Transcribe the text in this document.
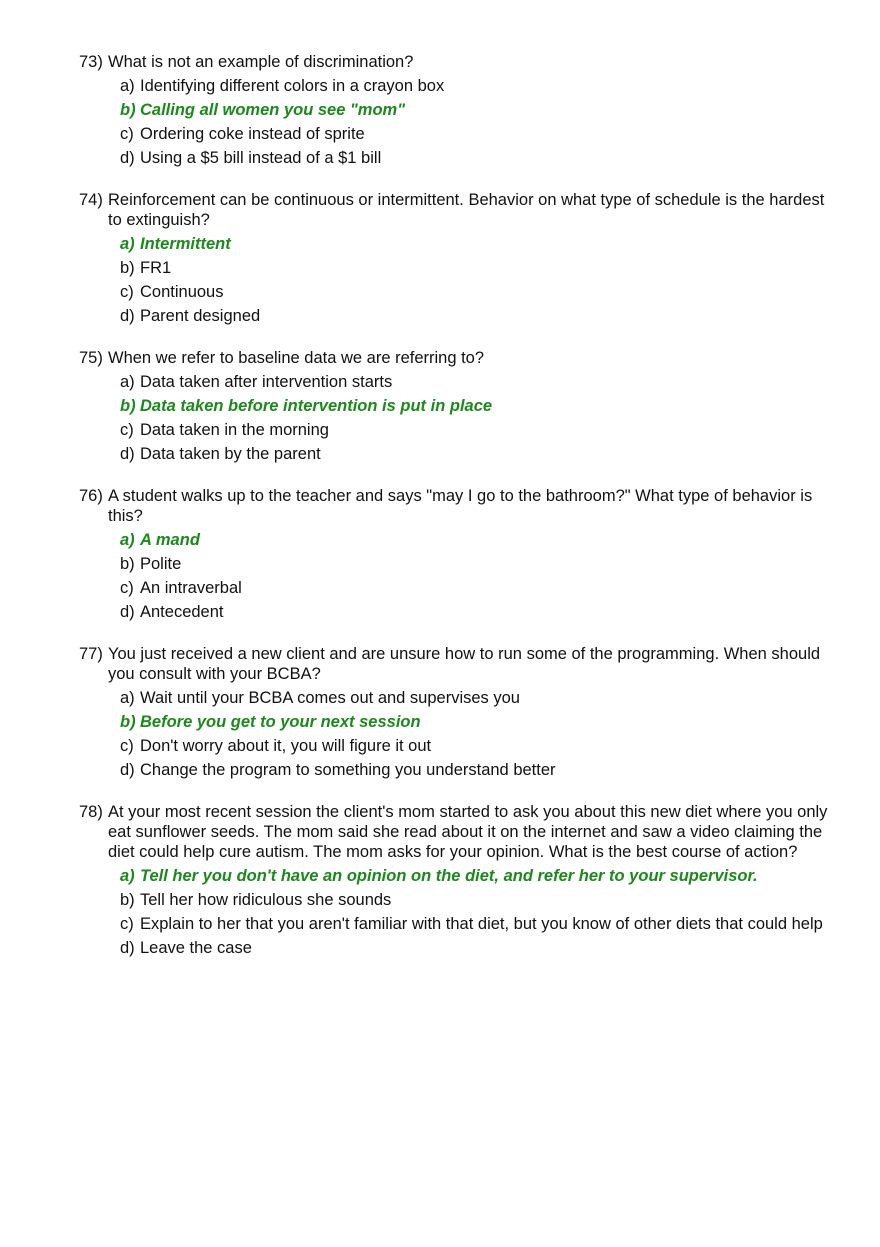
73) What is not an example of discrimination?
a) Identifying different colors in a crayon box
b) Calling all women you see "mom"
c) Ordering coke instead of sprite
d) Using a $5 bill instead of a $1 bill
74) Reinforcement can be continuous or intermittent. Behavior on what type of schedule is the hardest to extinguish?
a) Intermittent
b) FR1
c) Continuous
d) Parent designed
75) When we refer to baseline data we are referring to?
a) Data taken after intervention starts
b) Data taken before intervention is put in place
c) Data taken in the morning
d) Data taken by the parent
76) A student walks up to the teacher and says "may I go to the bathroom?" What type of behavior is this?
a) A mand
b) Polite
c) An intraverbal
d) Antecedent
77) You just received a new client and are unsure how to run some of the programming. When should you consult with your BCBA?
a) Wait until your BCBA comes out and supervises you
b) Before you get to your next session
c) Don't worry about it, you will figure it out
d) Change the program to something you understand better
78) At your most recent session the client's mom started to ask you about this new diet where you only eat sunflower seeds. The mom said she read about it on the internet and saw a video claiming the diet could help cure autism. The mom asks for your opinion. What is the best course of action?
a) Tell her you don't have an opinion on the diet, and refer her to your supervisor.
b) Tell her how ridiculous she sounds
c) Explain to her that you aren't familiar with that diet, but you know of other diets that could help
d) Leave the case
